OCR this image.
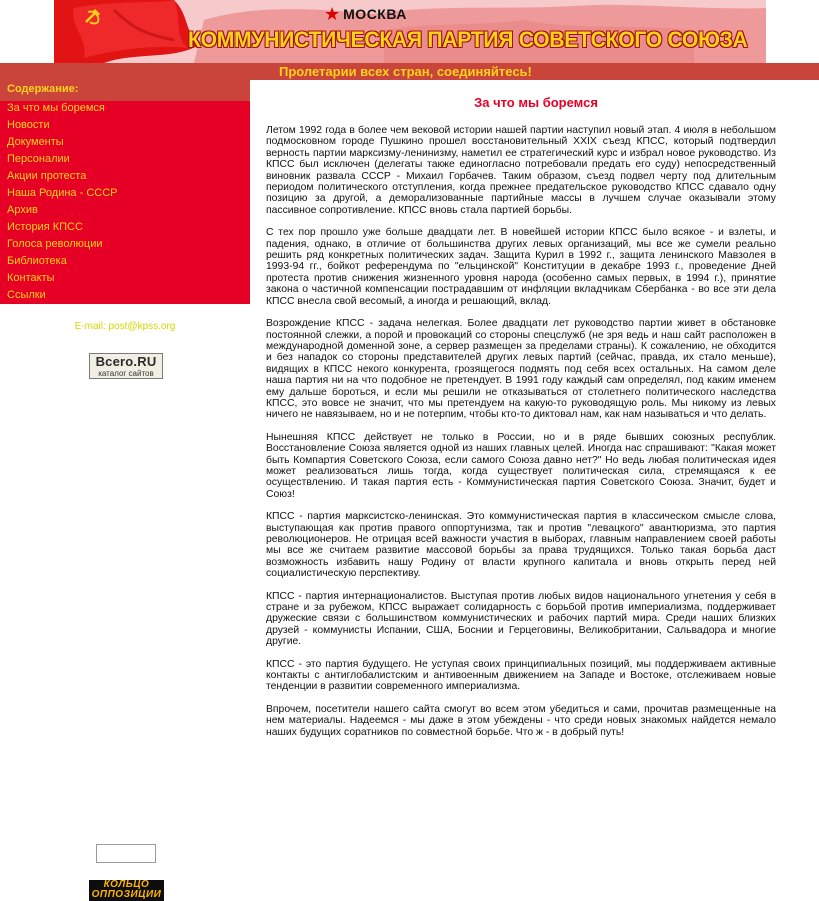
★ МОСКВА
КОММУНИСТИЧЕСКАЯ ПАРТИЯ СОВЕТСКОГО СОЮЗА
Пролетарии всех стран, соединяйтесь!
Содержание:
За что мы боремся
Новости
Документы
Персоналии
Акции протеста
Наша Родина - СССР
Архив
История КПСС
Голоса революции
Библиотека
Контакты
Ссылки
E-mail: post@kpss.org
Bcero.RU
каталог сайтов
КОЛЬЦО
ОППОЗИЦИИ
За что мы боремся

Летом 1992 года в более чем вековой истории нашей партии наступил новый этап. 4 июля в небольшом подмосковном городе Пушкино прошел восстановительный XXIX съезд КПСС, который подтвердил верность партии марксизму-ленинизму, наметил ее стратегический курс и избрал новое руководство. Из КПСС был исключен (делегаты также единогласно потребовали предать его суду) непосредственный виновник развала СССР - Михаил Горбачев. Таким образом, съезд подвел черту под длительным периодом политического отступления, когда прежнее предательское руководство КПСС сдавало одну позицию за другой, а деморализованные партийные массы в лучшем случае оказывали этому пассивное сопротивление. КПСС вновь стала партией борьбы.

С тех пор прошло уже больше двадцати лет. В новейшей истории КПСС было всякое - и взлеты, и падения, однако, в отличие от большинства других левых организаций, мы все же сумели реально решить ряд конкретных политических задач. Защита Курил в 1992 г., защита ленинского Мавзолея в 1993-94 гг., бойкот референдума по "ельцинской" Конституции в декабре 1993 г., проведение Дней протеста против снижения жизненного уровня народа (особенно самых первых, в 1994 г.), принятие закона о частичной компенсации пострадавшим от инфляции вкладчикам Сбербанка - во все эти дела КПСС внесла свой весомый, а иногда и решающий, вклад.

Возрождение КПСС - задача нелегкая. Более двадцати лет руководство партии живет в обстановке постоянной слежки, а порой и провокаций со стороны спецслужб (не зря ведь и наш сайт расположен в международной доменной зоне, а сервер размещен за пределами страны). К сожалению, не обходится и без нападок со стороны представителей других левых партий (сейчас, правда, их стало меньше), видящих в КПСС некого конкурента, грозящегося подмять под себя всех остальных. На самом деле наша партия ни на что подобное не претендует. В 1991 году каждый сам определял, под каким именем ему дальше бороться, и если мы решили не отказываться от столетнего политического наследства КПСС, это вовсе не значит, что мы претендуем на какую-то руководящую роль. Мы никому из левых ничего не навязываем, но и не потерпим, чтобы кто-то диктовал нам, как нам называться и что делать.

Нынешняя КПСС действует не только в России, но и в ряде бывших союзных республик. Восстановление Союза является одной из наших главных целей. Иногда нас спрашивают: "Какая может быть Компартия Советского Союза, если самого Союза давно нет?" Но ведь любая политическая идея может реализоваться лишь тогда, когда существует политическая сила, стремящаяся к ее осуществлению. И такая партия есть - Коммунистическая партия Советского Союза. Значит, будет и Союз!

КПСС - партия марксистско-ленинская. Это коммунистическая партия в классическом смысле слова, выступающая как против правого оппортунизма, так и против "левацкого" авантюризма, это партия революционеров. Не отрицая всей важности участия в выборах, главным направлением своей работы мы все же считаем развитие массовой борьбы за права трудящихся. Только такая борьба даст возможность избавить нашу Родину от власти крупного капитала и вновь открыть перед ней социалистическую перспективу.

КПСС - партия интернационалистов. Выступая против любых видов национального угнетения у себя в стране и за рубежом, КПСС выражает солидарность с борьбой против империализма, поддерживает дружеские связи с большинством коммунистических и рабочих партий мира. Среди наших близких друзей - коммунисты Испании, США, Боснии и Герцеговины, Великобритании, Сальвадора и многие другие.

КПСС - это партия будущего. Не уступая своих принципиальных позиций, мы поддерживаем активные контакты с антиглобалистским и антивоенным движением на Западе и Востоке, отслеживаем новые тенденции в развитии современного империализма.

Впрочем, посетители нашего сайта смогут во всем этом убедиться и сами, прочитав размещенные на нем материалы. Надеемся - мы даже в этом убеждены - что среди новых знакомых найдется немало наших будущих соратников по совместной борьбе. Что ж - в добрый путь!
